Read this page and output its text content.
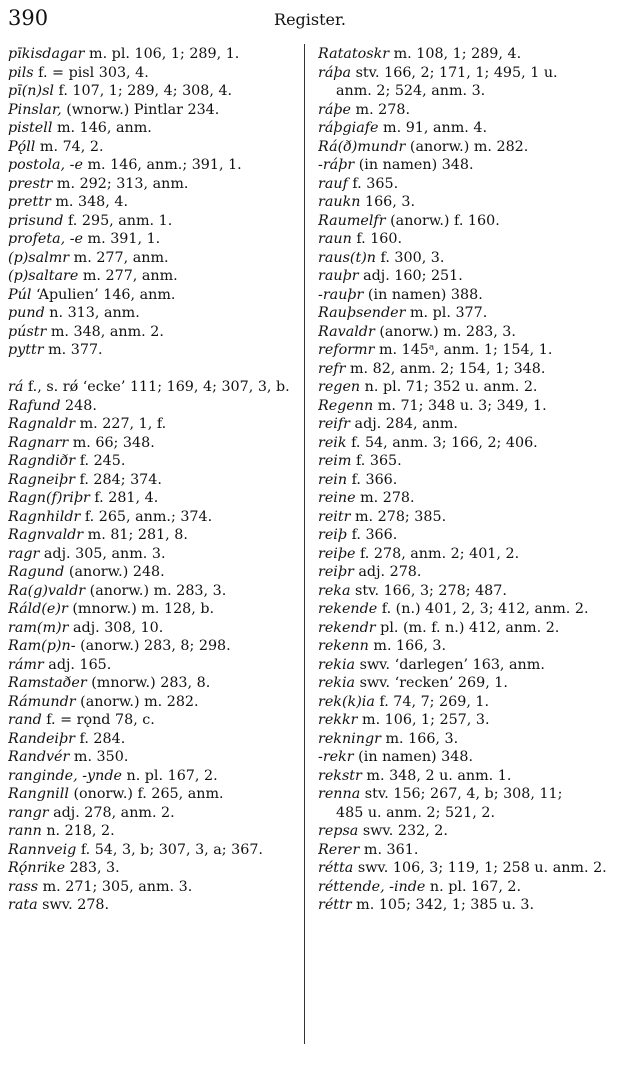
390	Register.
pīkisdagar m. pl. 106, 1; 289, 1.
pils f. = pisl 303, 4.
pī(n)sl f. 107, 1; 289, 4; 308, 4.
Pinslar, (wnorw.) Pintlar 234.
pistell m. 146, anm.
Pǫ́ll m. 74, 2.
postola, -e m. 146, anm.; 391, 1.
prestr m. 292; 313, anm.
prettr m. 348, 4.
prisund f. 295, anm. 1.
profeta, -e m. 391, 1.
(p)salmr m. 277, anm.
(p)saltare m. 277, anm.
Púl ‘Apulien’ 146, anm.
pund n. 313, anm.
pústr m. 348, anm. 2.
pyttr m. 377.
rá f., s. rǿ ‘ecke’ 111; 169, 4; 307, 3, b.
Rafund 248.
Ragnaldr m. 227, 1, f.
Ragnarr m. 66; 348.
Ragndiðr f. 245.
Ragneiþr f. 284; 374.
Ragn(f)riþr f. 281, 4.
Ragnhildr f. 265, anm.; 374.
Ragnvaldr m. 81; 281, 8.
ragr adj. 305, anm. 3.
Ragund (anorw.) 248.
Ra(g)valdr (anorw.) m. 283, 3.
Ráld(e)r (mnorw.) m. 128, b.
ram(m)r adj. 308, 10.
Ram(p)n- (anorw.) 283, 8; 298.
rámr adj. 165.
Ramstaðer (mnorw.) 283, 8.
Rámundr (anorw.) m. 282.
rand f. = rǫnd 78, c.
Randeiþr f. 284.
Randvér m. 350.
ranginde, -ynde n. pl. 167, 2.
Rangnill (onorw.) f. 265, anm.
rangr adj. 278, anm. 2.
rann n. 218, 2.
Rannveig f. 54, 3, b; 307, 3, a; 367.
Rǫ́nrike 283, 3.
rass m. 271; 305, anm. 3.
rata swv. 278.
Ratatoskr m. 108, 1; 289, 4.
ráþa stv. 166, 2; 171, 1; 495, 1 u.
anm. 2; 524, anm. 3.
ráþe m. 278.
ráþgiafe m. 91, anm. 4.
Rá(ð)mundr (anorw.) m. 282.
-ráþr (in namen) 348.
rauf f. 365.
raukn 166, 3.
Raumelfr (anorw.) f. 160.
raun f. 160.
raus(t)n f. 300, 3.
rauþr adj. 160; 251.
-rauþr (in namen) 388.
Rauþsender m. pl. 377.
Ravaldr (anorw.) m. 283, 3.
reformr m. 145ᵃ, anm. 1; 154, 1.
refr m. 82, anm. 2; 154, 1; 348.
regen n. pl. 71; 352 u. anm. 2.
Regenn m. 71; 348 u. 3; 349, 1.
reifr adj. 284, anm.
reik f. 54, anm. 3; 166, 2; 406.
reim f. 365.
rein f. 366.
reine m. 278.
reitr m. 278; 385.
reiþ f. 366.
reiþe f. 278, anm. 2; 401, 2.
reiþr adj. 278.
reka stv. 166, 3; 278; 487.
rekende f. (n.) 401, 2, 3; 412, anm. 2.
rekendr pl. (m. f. n.) 412, anm. 2.
rekenn m. 166, 3.
rekia swv. ‘darlegen’ 163, anm.
rekia swv. ‘recken’ 269, 1.
rek(k)ia f. 74, 7; 269, 1.
rekkr m. 106, 1; 257, 3.
rekningr m. 166, 3.
-rekr (in namen) 348.
rekstr m. 348, 2 u. anm. 1.
renna stv. 156; 267, 4, b; 308, 11;
485 u. anm. 2; 521, 2.
repsa swv. 232, 2.
Rerer m. 361.
rétta swv. 106, 3; 119, 1; 258 u. anm. 2.
réttende, -inde n. pl. 167, 2.
réttr m. 105; 342, 1; 385 u. 3.
